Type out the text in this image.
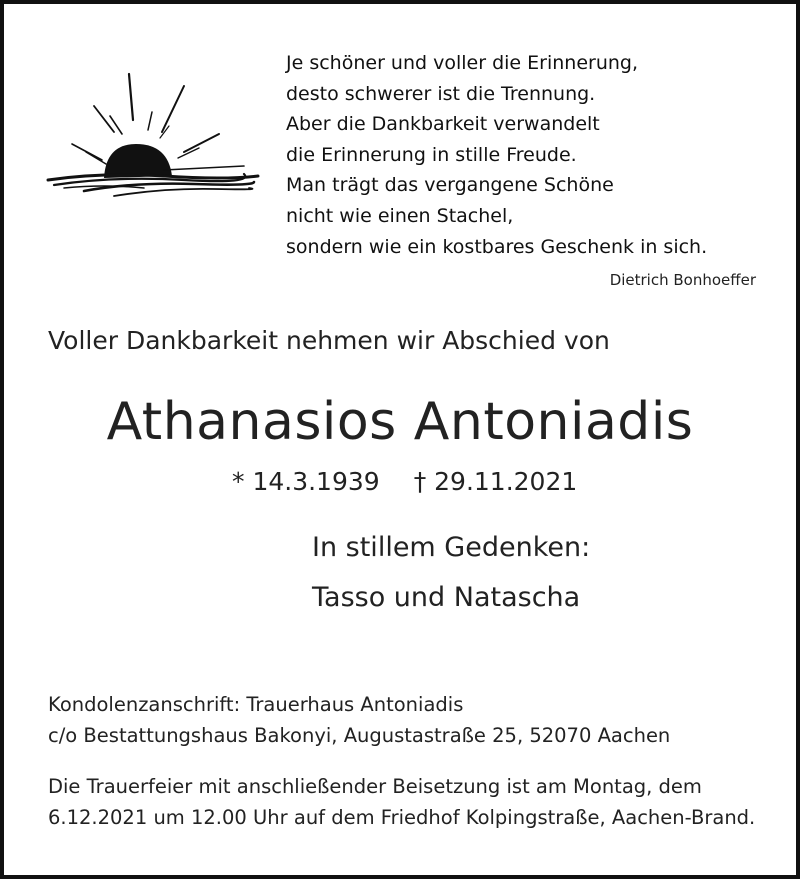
Je schöner und voller die Erinnerung,
desto schwerer ist die Trennung.
Aber die Dankbarkeit verwandelt
die Erinnerung in stille Freude.
Man trägt das vergangene Schöne
nicht wie einen Stachel,
sondern wie ein kostbares Geschenk in sich.
Dietrich Bonhoeffer
Voller Dankbarkeit nehmen wir Abschied von
Athanasios Antoniadis
* 14.3.1939 † 29.11.2021
In stillem Gedenken:
Tasso und Natascha
Kondolenzanschrift: Trauerhaus Antoniadis
c/o Bestattungshaus Bakonyi, Augustastraße 25, 52070 Aachen
Die Trauerfeier mit anschließender Beisetzung ist am Montag, dem
6.12.2021 um 12.00 Uhr auf dem Friedhof Kolpingstraße, Aachen-Brand.
